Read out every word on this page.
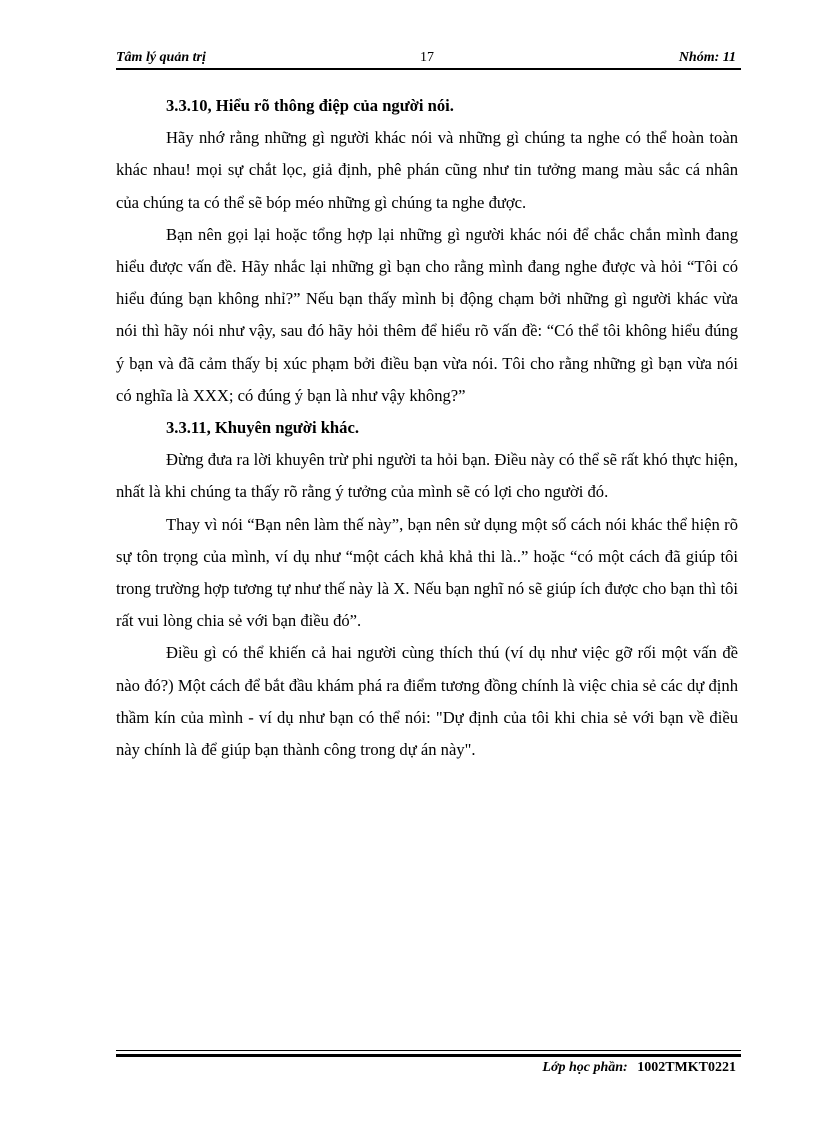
Tâm lý quản trị	17	Nhóm: 11
3.3.10, Hiểu rõ thông điệp của người nói.

Hãy nhớ rằng những gì người khác nói và những gì chúng ta nghe có thể hoàn toàn khác nhau! mọi sự chắt lọc, giả định, phê phán cũng như tin tưởng mang màu sắc cá nhân của chúng ta có thể sẽ bóp méo những gì chúng ta nghe được.

Bạn nên gọi lại hoặc tổng hợp lại những gì người khác nói để chắc chắn mình đang hiểu được vấn đề. Hãy nhắc lại những gì bạn cho rằng mình đang nghe được và hỏi “Tôi có hiểu đúng bạn không nhỉ?” Nếu bạn thấy mình bị động chạm bởi những gì người khác vừa nói thì hãy nói như vậy, sau đó hãy hỏi thêm để hiểu rõ vấn đề: “Có thể tôi không hiểu đúng ý bạn và đã cảm thấy bị xúc phạm bởi điều bạn vừa nói. Tôi cho rằng những gì bạn vừa nói có nghĩa là XXX; có đúng ý bạn là như vậy không?”

3.3.11, Khuyên người khác.

Đừng đưa ra lời khuyên trừ phi người ta hỏi bạn. Điều này có thể sẽ rất khó thực hiện, nhất là khi chúng ta thấy rõ rằng ý tưởng của mình sẽ có lợi cho người đó.

Thay vì nói “Bạn nên làm thế này”, bạn nên sử dụng một số cách nói khác thể hiện rõ sự tôn trọng của mình, ví dụ như “một cách khả khả thi là..” hoặc “có một cách đã giúp tôi trong trường hợp tương tự như thế này là X. Nếu bạn nghĩ nó sẽ giúp ích được cho bạn thì tôi rất vui lòng chia sẻ với bạn điều đó”.

Điều gì có thể khiến cả hai người cùng thích thú (ví dụ như việc gỡ rối một vấn đề nào đó?) Một cách để bắt đầu khám phá ra điểm tương đồng chính là việc chia sẻ các dự định thầm kín của mình - ví dụ như bạn có thể nói: "Dự định của tôi khi chia sẻ với bạn về điều này chính là để giúp bạn thành công trong dự án này".

Lớp học phần: 1002TMKT0221
